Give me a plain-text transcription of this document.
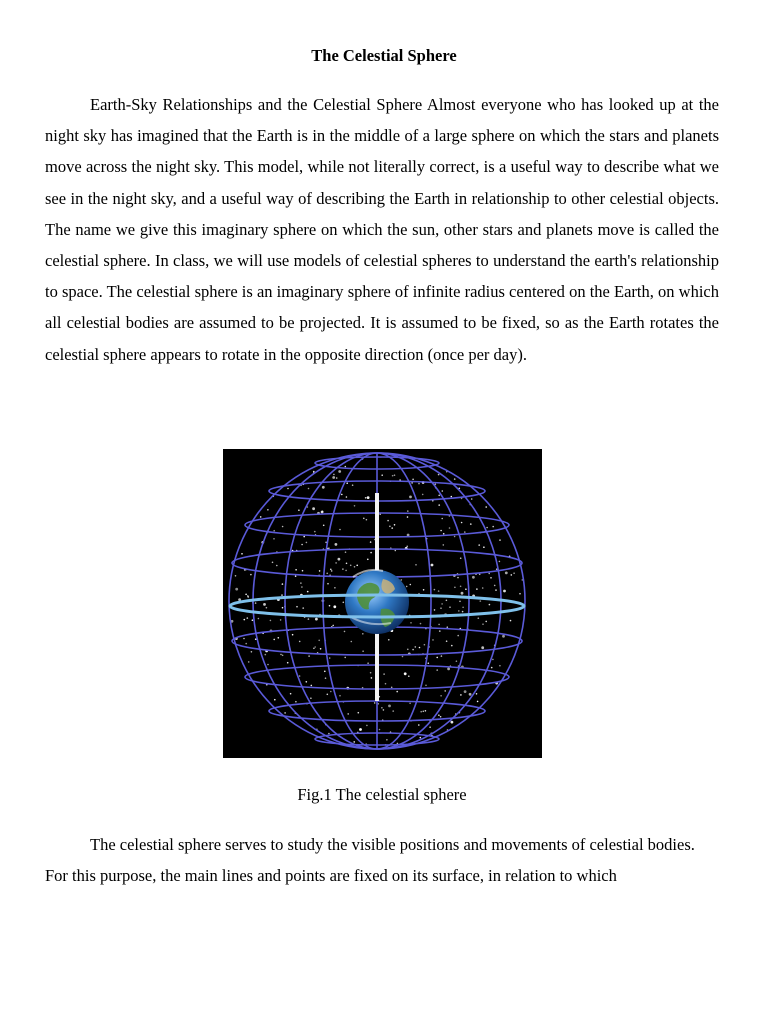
The Celestial Sphere

Earth-Sky Relationships and the Celestial Sphere Almost everyone who has looked up at the night sky has imagined that the Earth is in the middle of a large sphere on which the stars and planets move across the night sky. This model, while not literally correct, is a useful way to describe what we see in the night sky, and a useful way of describing the Earth in relationship to other celestial objects. The name we give this imaginary sphere on which the sun, other stars and planets move is called the celestial sphere. In class, we will use models of celestial spheres to understand the earth's relationship to space. The celestial sphere is an imaginary sphere of infinite radius centered on the Earth, on which all celestial bodies are assumed to be projected. It is assumed to be fixed, so as the Earth rotates the celestial sphere appears to rotate in the opposite direction (once per day).

Fig.1 The celestial sphere

The celestial sphere serves to study the visible positions and movements of celestial bodies. For this purpose, the main lines and points are fixed on its surface, in relation to which
